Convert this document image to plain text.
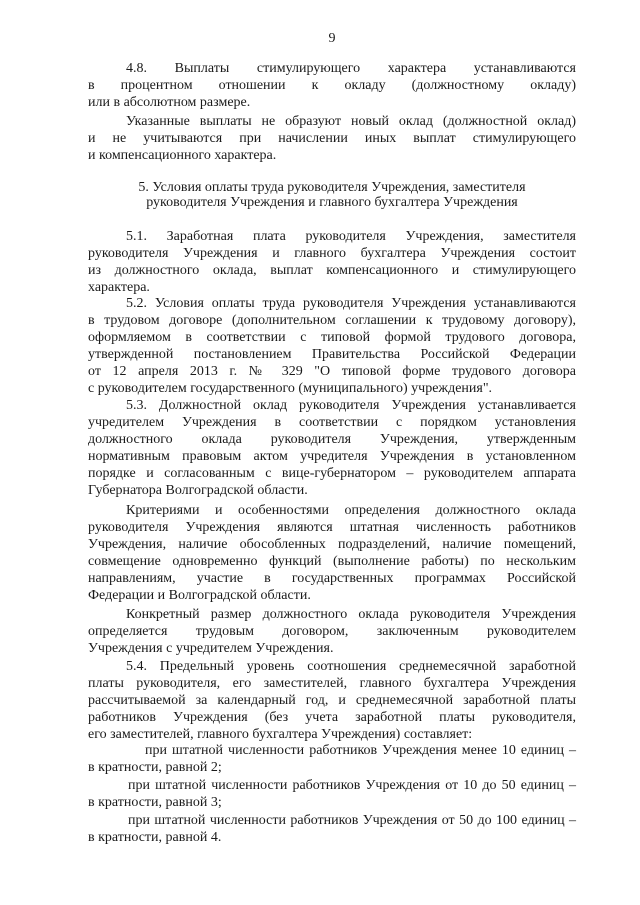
9
4.8. Выплаты стимулирующего характера устанавливаются
в процентном отношении к окладу (должностному окладу)
или в абсолютном размере.
Указанные выплаты не образуют новый оклад (должностной оклад)
и не учитываются при начислении иных выплат стимулирующего
и компенсационного характера.
5. Условия оплаты труда руководителя Учреждения, заместителя
руководителя Учреждения и главного бухгалтера Учреждения
5.1. Заработная плата руководителя Учреждения, заместителя
руководителя Учреждения и главного бухгалтера Учреждения состоит
из должностного оклада, выплат компенсационного и стимулирующего
характера.
5.2. Условия оплаты труда руководителя Учреждения устанавливаются
в трудовом договоре (дополнительном соглашении к трудовому договору),
оформляемом в соответствии с типовой формой трудового договора,
утвержденной постановлением Правительства Российской Федерации
от 12 апреля 2013 г. № 329 "О типовой форме трудового договора
с руководителем государственного (муниципального) учреждения".
5.3. Должностной оклад руководителя Учреждения устанавливается
учредителем Учреждения в соответствии с порядком установления
должностного оклада руководителя Учреждения, утвержденным
нормативным правовым актом учредителя Учреждения в установленном
порядке и согласованным с вице-губернатором – руководителем аппарата
Губернатора Волгоградской области.
Критериями и особенностями определения должностного оклада
руководителя Учреждения являются штатная численность работников
Учреждения, наличие обособленных подразделений, наличие помещений,
совмещение одновременно функций (выполнение работы) по нескольким
направлениям, участие в государственных программах Российской
Федерации и Волгоградской области.
Конкретный размер должностного оклада руководителя Учреждения
определяется трудовым договором, заключенным руководителем
Учреждения с учредителем Учреждения.
5.4. Предельный уровень соотношения среднемесячной заработной
платы руководителя, его заместителей, главного бухгалтера Учреждения
рассчитываемой за календарный год, и среднемесячной заработной платы
работников Учреждения (без учета заработной платы руководителя,
его заместителей, главного бухгалтера Учреждения) составляет:
при штатной численности работников Учреждения менее 10 единиц –
в кратности, равной 2;
при штатной численности работников Учреждения от 10 до 50 единиц –
в кратности, равной 3;
при штатной численности работников Учреждения от 50 до 100 единиц –
в кратности, равной 4.
